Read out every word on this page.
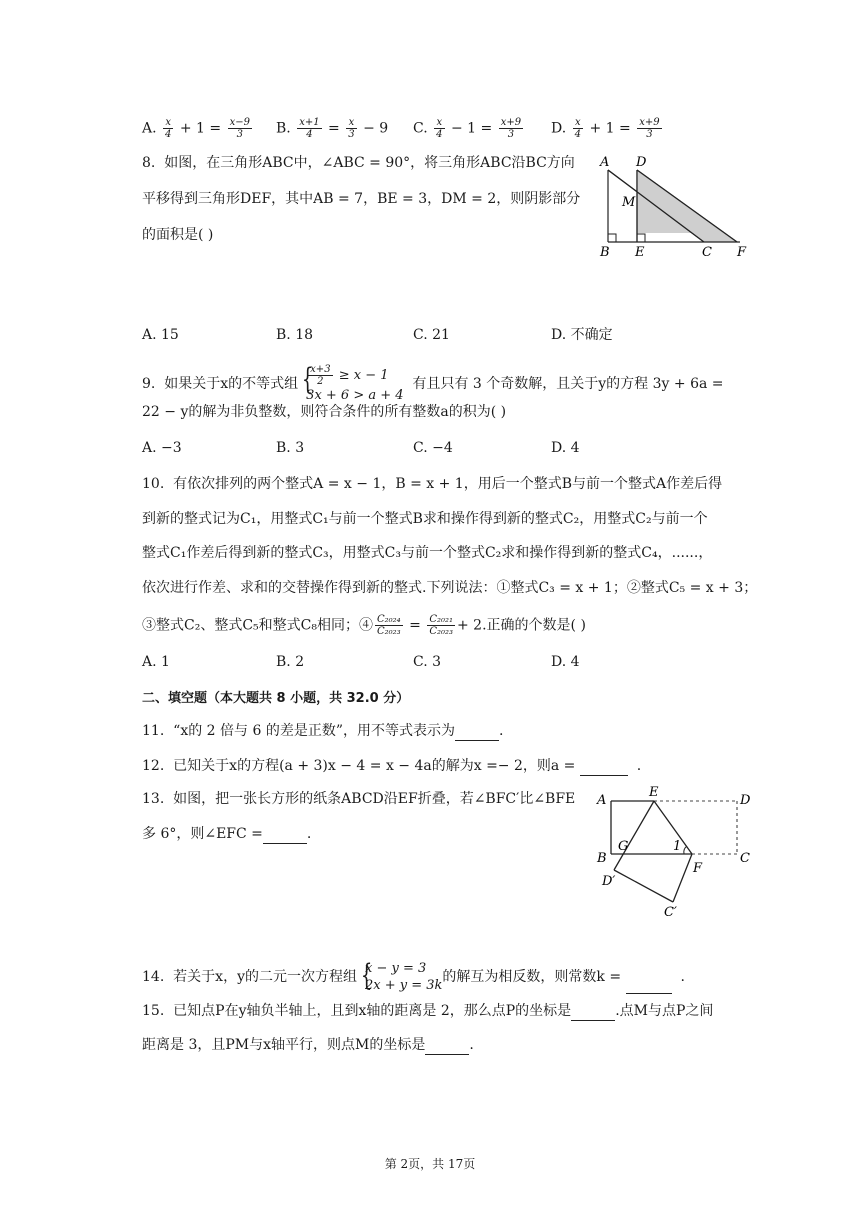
A. $\frac{x}{4} + 1 = \frac{x-9}{3} B$. $\frac{x+1}{4} = \frac{x}{3} - 9$ C. $\frac{x}{4} - 1 = \frac{x+9}{3} D$. $\frac{x}{4} + 1 = \frac{x+9}{3}$
8. 如图，在三角形ABC中，∠ABC = 90°，将三角形ABC沿BC方向
平移得到三角形DEF，其中AB = 7，BE = 3，DM = 2，则阴影部分
的面积是( )
A D
M
B E	C F
A. 15	B. 18	C. 21	D. 不确定
9. 如果关于x的不等式组 {
$\frac{x+3}{2} \ge x - 1$
3x + 6 > a + 4
有且只有 3 个奇数解，且关于y的方程 3y + 6a =
22 − y的解为非负整数，则符合条件的所有整数a的积为( )
A. −3	B. 3	C. −4	D. 4
10. 有依次排列的两个整式A = x − 1，B = x + 1，用后一个整式B与前一个整式A作差后得
到新的整式记为C₁，用整式C₁与前一个整式B求和操作得到新的整式C₂，用整式C₂与前一个
整式C₁作差后得到新的整式C₃，用整式C₃与前一个整式C₂求和操作得到新的整式C₄，......，
依次进行作差、求和的交替操作得到新的整式.下列说法：①整式C₃ = x + 1；②整式C₅ = x + 3；
③整式C₂、整式C₅和整式C₈相同；④ $\frac{\text{C₂₀₂₄}}{\text{C₂₀₂₃}} = \frac{\text{C₂₀₂₁}}{\text{C₂₀₂₃}} + 2$.正确的个数是( )
A. 1	B. 2	C. 3	D. 4
二、填空题（本大题共 8 小题，共 32.0 分）
11. “x的 2 倍与 6 的差是正数”，用不等式表示为	.
12. 已知关于x的方程(a + 3)x − 4 = x − 4a的解为x =− 2，则a =	.
13. 如图，把一张长方形的纸条ABCD沿EF折叠，若∠BFC′比∠BFE
多 6°，则∠EFC =	.
A
E
D
B
G	1
F
C
D′
C′
14. 若关于x，y的二元一次方程组 {
x − y = 3
2x + y = 3k
的解互为相反数，则常数k =	.
15. 已知点P在y轴负半轴上，且到x轴的距离是 2，那么点P的坐标是	.点M与点P之间
距离是 3，且PM与x轴平行，则点M的坐标是	.
第 2页，共 17页
